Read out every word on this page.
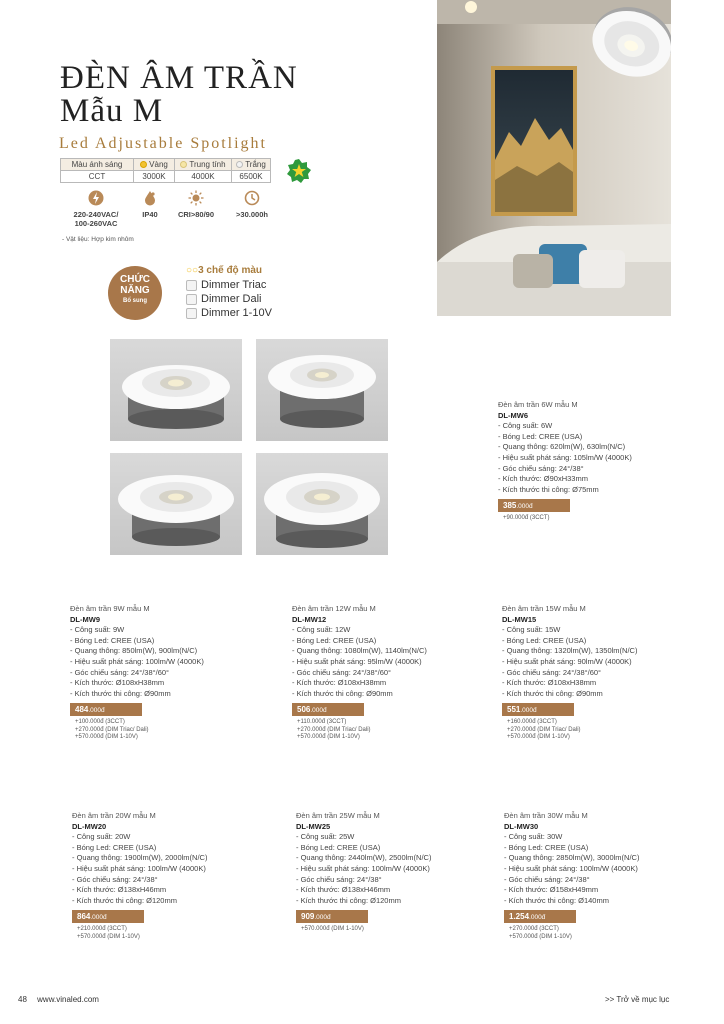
ĐÈN ÂM TRẦN
Mẫu M
Led Adjustable Spotlight
Màu ánh sáng	Vàng	Trung tính	Trắng
CCT	3000K	4000K	6500K
220-240VAC/
100-260VAC
IP40	CRI>80/90	>30.000h
- Vật liệu: Hợp kim nhôm
CHỨC
NĂNG
Bổ sung
○○3 chế độ màu
Dimmer Triac
Dimmer Dali
Dimmer 1-10V
Đèn âm trần 6W mẫu M
DL-MW6
- Công suất: 6W
- Bóng Led: CREE (USA)
- Quang thông: 620lm(W), 630lm(N/C)
- Hiệu suất phát sáng: 105lm/W (4000K)
- Góc chiếu sáng: 24°/38°
- Kích thước: Ø90xH33mm
- Kích thước thi công: Ø75mm
385.000đ
+90.000đ (3CCT)
Đèn âm trần 9W mẫu M
DL-MW9
- Công suất: 9W
- Bóng Led: CREE (USA)
- Quang thông: 850lm(W), 900lm(N/C)
- Hiệu suất phát sáng: 100lm/W (4000K)
- Góc chiếu sáng: 24°/38°/60°
- Kích thước: Ø108xH38mm
- Kích thước thi công: Ø90mm
484.000đ
+100.000đ (3CCT)
+270.000đ (DIM Triac/ Dali)
+570.000đ (DIM 1-10V)
Đèn âm trần 12W mẫu M
DL-MW12
- Công suất: 12W
- Bóng Led: CREE (USA)
- Quang thông: 1080lm(W), 1140lm(N/C)
- Hiệu suất phát sáng: 95lm/W (4000K)
- Góc chiếu sáng: 24°/38°/60°
- Kích thước: Ø108xH38mm
- Kích thước thi công: Ø90mm
506.000đ
+110.000đ (3CCT)
+270.000đ (DIM Triac/ Dali)
+570.000đ (DIM 1-10V)
Đèn âm trần 15W mẫu M
DL-MW15
- Công suất: 15W
- Bóng Led: CREE (USA)
- Quang thông: 1320lm(W), 1350lm(N/C)
- Hiệu suất phát sáng: 90lm/W (4000K)
- Góc chiếu sáng: 24°/38°/60°
- Kích thước: Ø108xH38mm
- Kích thước thi công: Ø90mm
551.000đ
+160.000đ (3CCT)
+270.000đ (DIM Triac/ Dali)
+570.000đ (DIM 1-10V)
Đèn âm trần 20W mẫu M
DL-MW20
- Công suất: 20W
- Bóng Led: CREE (USA)
- Quang thông: 1900lm(W), 2000lm(N/C)
- Hiệu suất phát sáng: 100lm/W (4000K)
- Góc chiếu sáng: 24°/38°
- Kích thước: Ø138xH46mm
- Kích thước thi công: Ø120mm
864.000đ
+210.000đ (3CCT)
+570.000đ (DIM 1-10V)
Đèn âm trần 25W mẫu M
DL-MW25
- Công suất: 25W
- Bóng Led: CREE (USA)
- Quang thông: 2440lm(W), 2500lm(N/C)
- Hiệu suất phát sáng: 100lm/W (4000K)
- Góc chiếu sáng: 24°/38°
- Kích thước: Ø138xH46mm
- Kích thước thi công: Ø120mm
909.000đ
+570.000đ (DIM 1-10V)
Đèn âm trần 30W mẫu M
DL-MW30
- Công suất: 30W
- Bóng Led: CREE (USA)
- Quang thông: 2850lm(W), 3000lm(N/C)
- Hiệu suất phát sáng: 100lm/W (4000K)
- Góc chiếu sáng: 24°/38°
- Kích thước: Ø158xH49mm
- Kích thước thi công: Ø140mm
1.254.000đ
+270.000đ (3CCT)
+570.000đ (DIM 1-10V)
48 www.vinaled.com	>> Trở về mục lục
